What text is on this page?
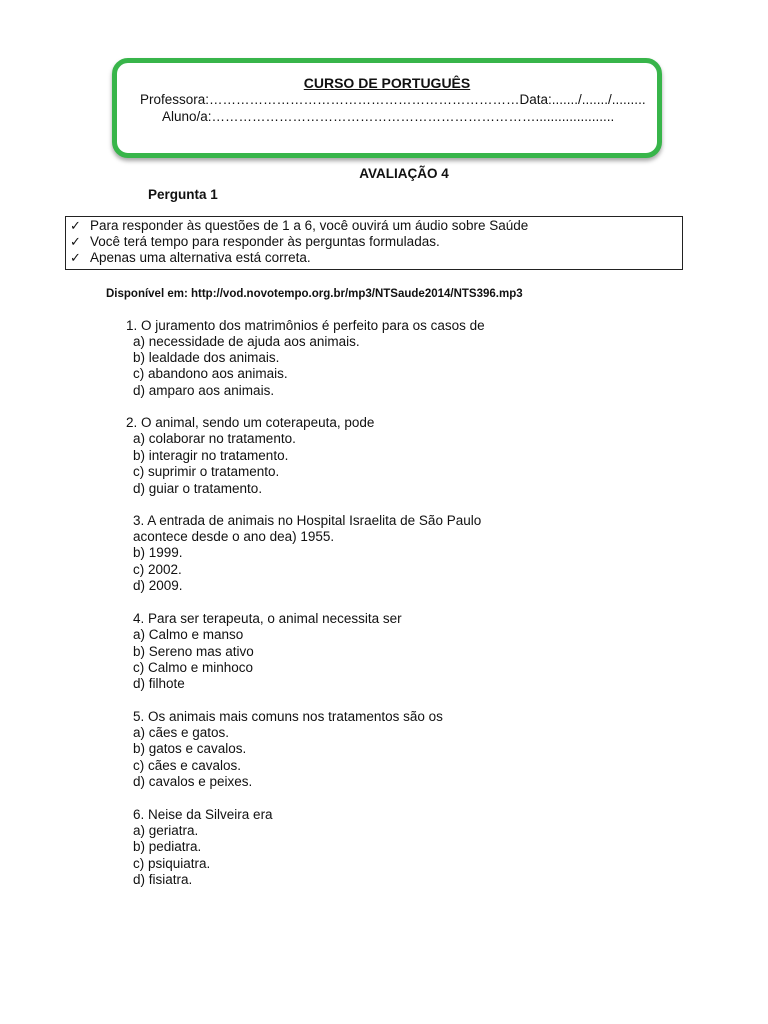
CURSO DE PORTUGUÊS
Professora:……………………………………………………………Data:......./......./.........
Aluno/a:……………………………………………………………….....................
AVALIAÇÃO 4
Pergunta 1
✓ Para responder às questões de 1 a 6, você ouvirá um áudio sobre Saúde
✓ Você terá tempo para responder às perguntas formuladas.
✓ Apenas uma alternativa está correta.
Disponível em: http://vod.novotempo.org.br/mp3/NTSaude2014/NTS396.mp3
1. O juramento dos matrimônios é perfeito para os casos de
a) necessidade de ajuda aos animais.
b) lealdade dos animais.
c) abandono aos animais.
d) amparo aos animais.
2. O animal, sendo um coterapeuta, pode
a) colaborar no tratamento.
b) interagir no tratamento.
c) suprimir o tratamento.
d) guiar o tratamento.
3. A entrada de animais no Hospital Israelita de São Paulo
acontece desde o ano dea) 1955.
b) 1999.
c) 2002.
d) 2009.
4. Para ser terapeuta, o animal necessita ser
a) Calmo e manso
b) Sereno mas ativo
c) Calmo e minhoco
d) filhote
5. Os animais mais comuns nos tratamentos são os
a) cães e gatos.
b) gatos e cavalos.
c) cães e cavalos.
d) cavalos e peixes.
6. Neise da Silveira era
a) geriatra.
b) pediatra.
c) psiquiatra.
d) fisiatra.
